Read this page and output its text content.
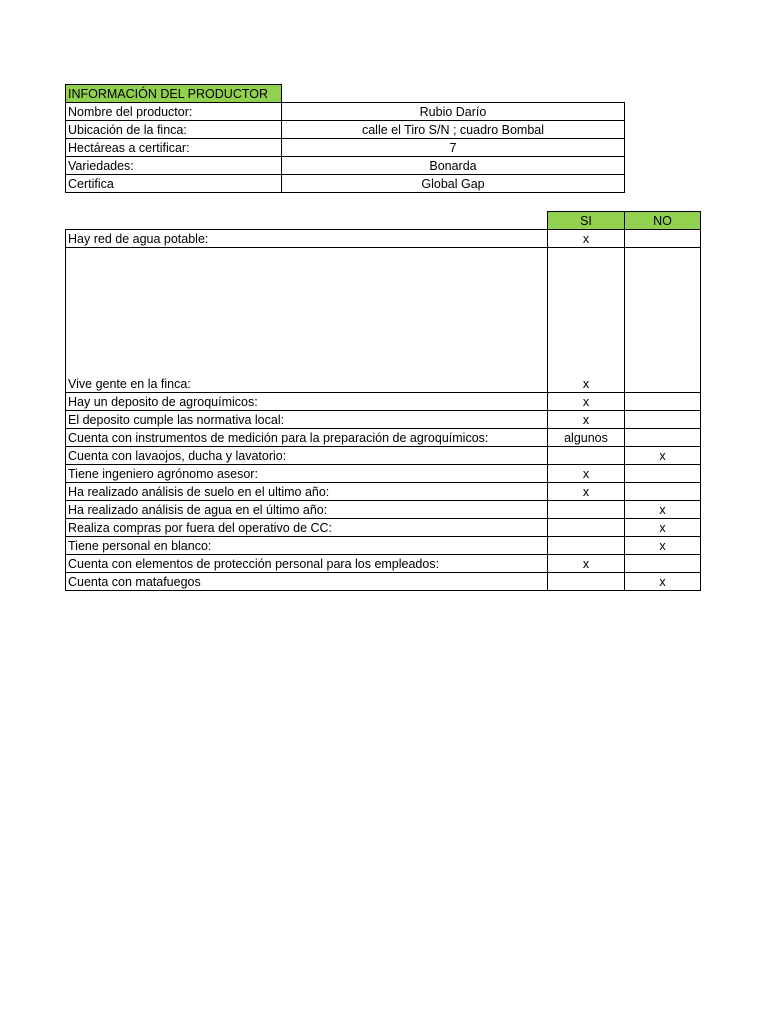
INFORMACIÓN DEL PRODUCTOR	
Nombre del productor:	Rubio Darío
Ubicación de la finca:	calle el Tiro S/N ; cuadro Bombal
Hectáreas a certificar:	7
Variedades:	Bonarda
Certifica	Global Gap
	SI	NO
Hay red de agua potable:	x	
Vive gente en la finca:	x	
Hay un deposito de agroquímicos:	x	
El deposito cumple las normativa local:	x	
Cuenta con instrumentos de medición para la preparación de agroquímicos:	algunos	
Cuenta con lavaojos, ducha y lavatorio:		x
Tiene ingeniero agrónomo asesor:	x	
Ha realizado análisis de suelo en el ultimo año:	x	
Ha realizado análisis de agua en el último año:		x
Realiza compras por fuera del operativo de CC:		x
Tiene personal en blanco:		x
Cuenta con elementos de protección personal para los empleados:	x	
Cuenta con matafuegos		x
